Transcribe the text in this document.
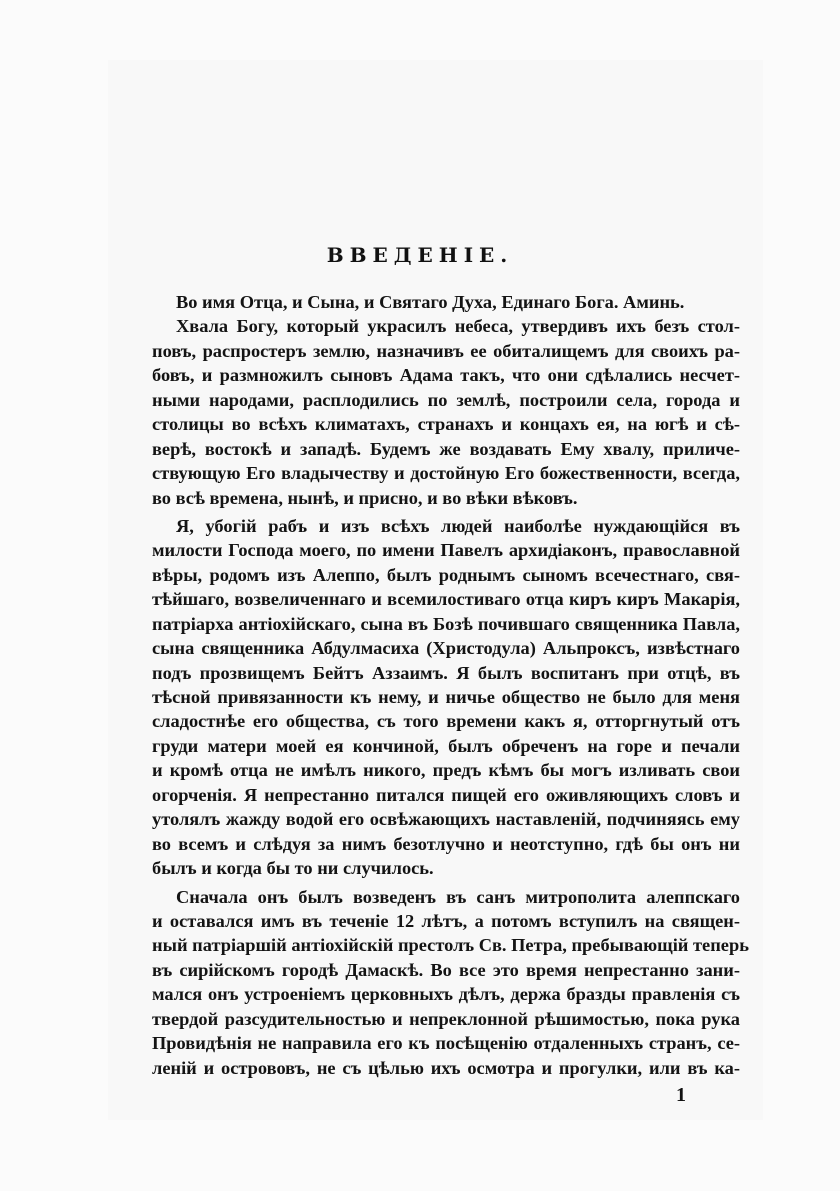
ВВЕДЕНІЕ.
Во имя Отца, и Сына, и Святаго Духа, Единаго Бога. Аминь.
Хвала Богу, который украсилъ небеса, утвердивъ ихъ безъ стол-
повъ, распростеръ землю, назначивъ ее обиталищемъ для своихъ ра-
бовъ, и размножилъ сыновъ Адама такъ, что они сдѣлались несчет-
ными народами, расплодились по землѣ, построили села, города и
столицы во всѣхъ климатахъ, странахъ и концахъ ея, на югѣ и сѣ-
верѣ, востокѣ и западѣ. Будемъ же воздавать Ему хвалу, приличе-
ствующую Его владычеству и достойную Его божественности, всегда,
во всѣ времена, нынѣ, и присно, и во вѣки вѣковъ.
Я, убогій рабъ и изъ всѣхъ людей наиболѣе нуждающійся въ
милости Господа моего, по имени Павелъ архидіаконъ, православной
вѣры, родомъ изъ Алеппо, былъ роднымъ сыномъ всечестнаго, свя-
тѣйшаго, возвеличеннаго и всемилостиваго отца киръ киръ Макарія,
патріарха антіохійскаго, сына въ Бозѣ почившаго священника Павла,
сына священника Абдулмасиха (Христодула) Альпроксъ, извѣстнаго
подъ прозвищемъ Бейтъ Аззаимъ. Я былъ воспитанъ при отцѣ, въ
тѣсной привязанности къ нему, и ничье общество не было для меня
сладостнѣе его общества, съ того времени какъ я, отторгнутый отъ
груди матери моей ея кончиной, былъ обреченъ на горе и печали
и кромѣ отца не имѣлъ никого, предъ кѣмъ бы могъ изливать свои
огорченія. Я непрестанно питался пищей его оживляющихъ словъ и
утолялъ жажду водой его освѣжающихъ наставленій, подчиняясь ему
во всемъ и слѣдуя за нимъ безотлучно и неотступно, гдѣ бы онъ ни
былъ и когда бы то ни случилось.
Сначала онъ былъ возведенъ въ санъ митрополита алеппскаго
и оставался имъ въ теченіе 12 лѣтъ, а потомъ вступилъ на священ-
ный патріаршій антіохійскій престолъ Св. Петра, пребывающій теперь
въ сирійскомъ городѣ Дамаскѣ. Во все это время непрестанно зани-
мался онъ устроеніемъ церковныхъ дѣлъ, держа бразды правленія съ
твердой разсудительностью и непреклонной рѣшимостью, пока рука
Провидѣнія не направила его къ посѣщенію отдаленныхъ странъ, се-
леній и острововъ, не съ цѣлью ихъ осмотра и прогулки, или въ ка-
1
